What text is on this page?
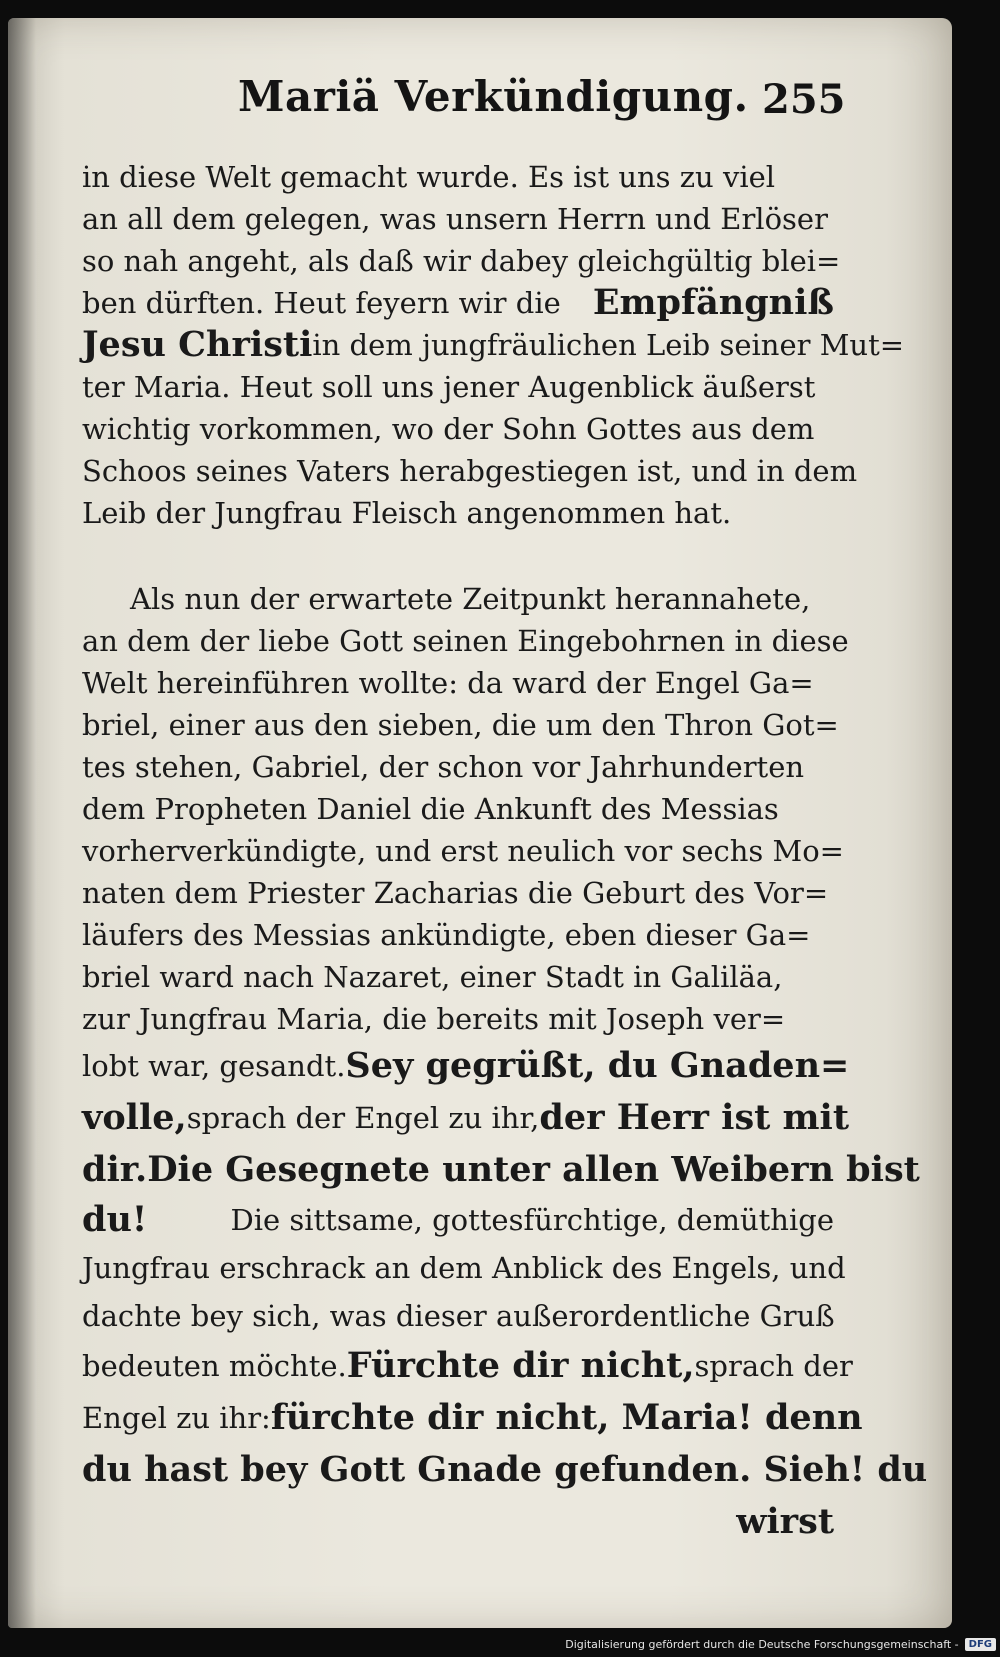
Mariä Verkündigung. 255
in diese Welt gemacht wurde. Es ist uns zu viel
an all dem gelegen, was unsern Herrn und Erlöser
so nah angeht, als daß wir dabey gleichgültig blei=
ben dürften. Heut feyern wir die Empfängniß
Jesu Christi in dem jungfräulichen Leib seiner Mut=
ter Maria. Heut soll uns jener Augenblick äußerst
wichtig vorkommen, wo der Sohn Gottes aus dem
Schoos seines Vaters herabgestiegen ist, und in dem
Leib der Jungfrau Fleisch angenommen hat.
Als nun der erwartete Zeitpunkt herannahete,
an dem der liebe Gott seinen Eingebohrnen in diese
Welt hereinführen wollte: da ward der Engel Ga=
briel, einer aus den sieben, die um den Thron Got=
tes stehen, Gabriel, der schon vor Jahrhunderten
dem Propheten Daniel die Ankunft des Messias
vorherverkündigte, und erst neulich vor sechs Mo=
naten dem Priester Zacharias die Geburt des Vor=
läufers des Messias ankündigte, eben dieser Ga=
briel ward nach Nazaret, einer Stadt in Galiläa,
zur Jungfrau Maria, die bereits mit Joseph ver=
lobt war, gesandt. Sey gegrüßt, du Gnaden=
volle, sprach der Engel zu ihr, der Herr ist mit
dir. Die Gesegnete unter allen Weibern bist
du!	Die sittsame, gottesfürchtige, demüthige
Jungfrau erschrack an dem Anblick des Engels, und
dachte bey sich, was dieser außerordentliche Gruß
bedeuten möchte. Fürchte dir nicht, sprach der
Engel zu ihr: fürchte dir nicht, Maria! denn
du hast bey Gott Gnade gefunden. Sieh! du
wirst
Digitalisierung gefördert durch die Deutsche Forschungsgemeinschaft -	DFG
